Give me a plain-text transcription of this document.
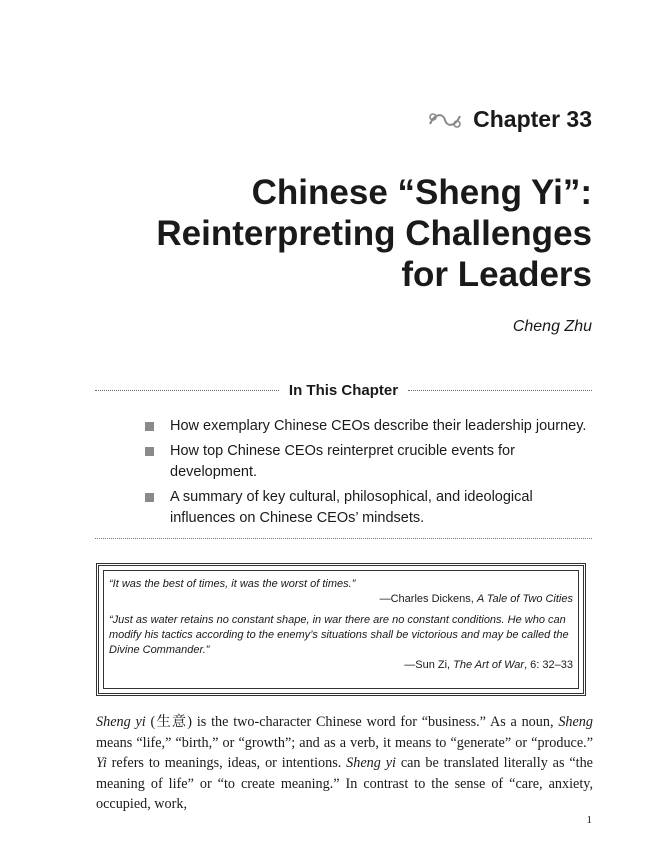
Chapter 33
Chinese “Sheng Yi”:
Reinterpreting Challenges
for Leaders
Cheng Zhu
In This Chapter
How exemplary Chinese CEOs describe their leadership journey.
How top Chinese CEOs reinterpret crucible events for development.
A summary of key cultural, philosophical, and ideological influences on Chinese CEOs’ mindsets.

“It was the best of times, it was the worst of times.”

—Charles Dickens, A Tale of Two Cities

“Just as water retains no constant shape, in war there are no constant conditions. He who can modify his tactics according to the enemy’s situations shall be victorious and may be called the Divine Commander.”

—Sun Zi, The Art of War, 6: 32–33

Sheng yi (生意) is the two-character Chinese word for “business.” As a noun, Sheng means “life,” “birth,” or “growth”; and as a verb, it means to “generate” or “produce.” Yi refers to meanings, ideas, or intentions. Sheng yi can be translated literally as “the meaning of life” or “to create meaning.” In contrast to the sense of “care, anxiety, occupied, work,

1
